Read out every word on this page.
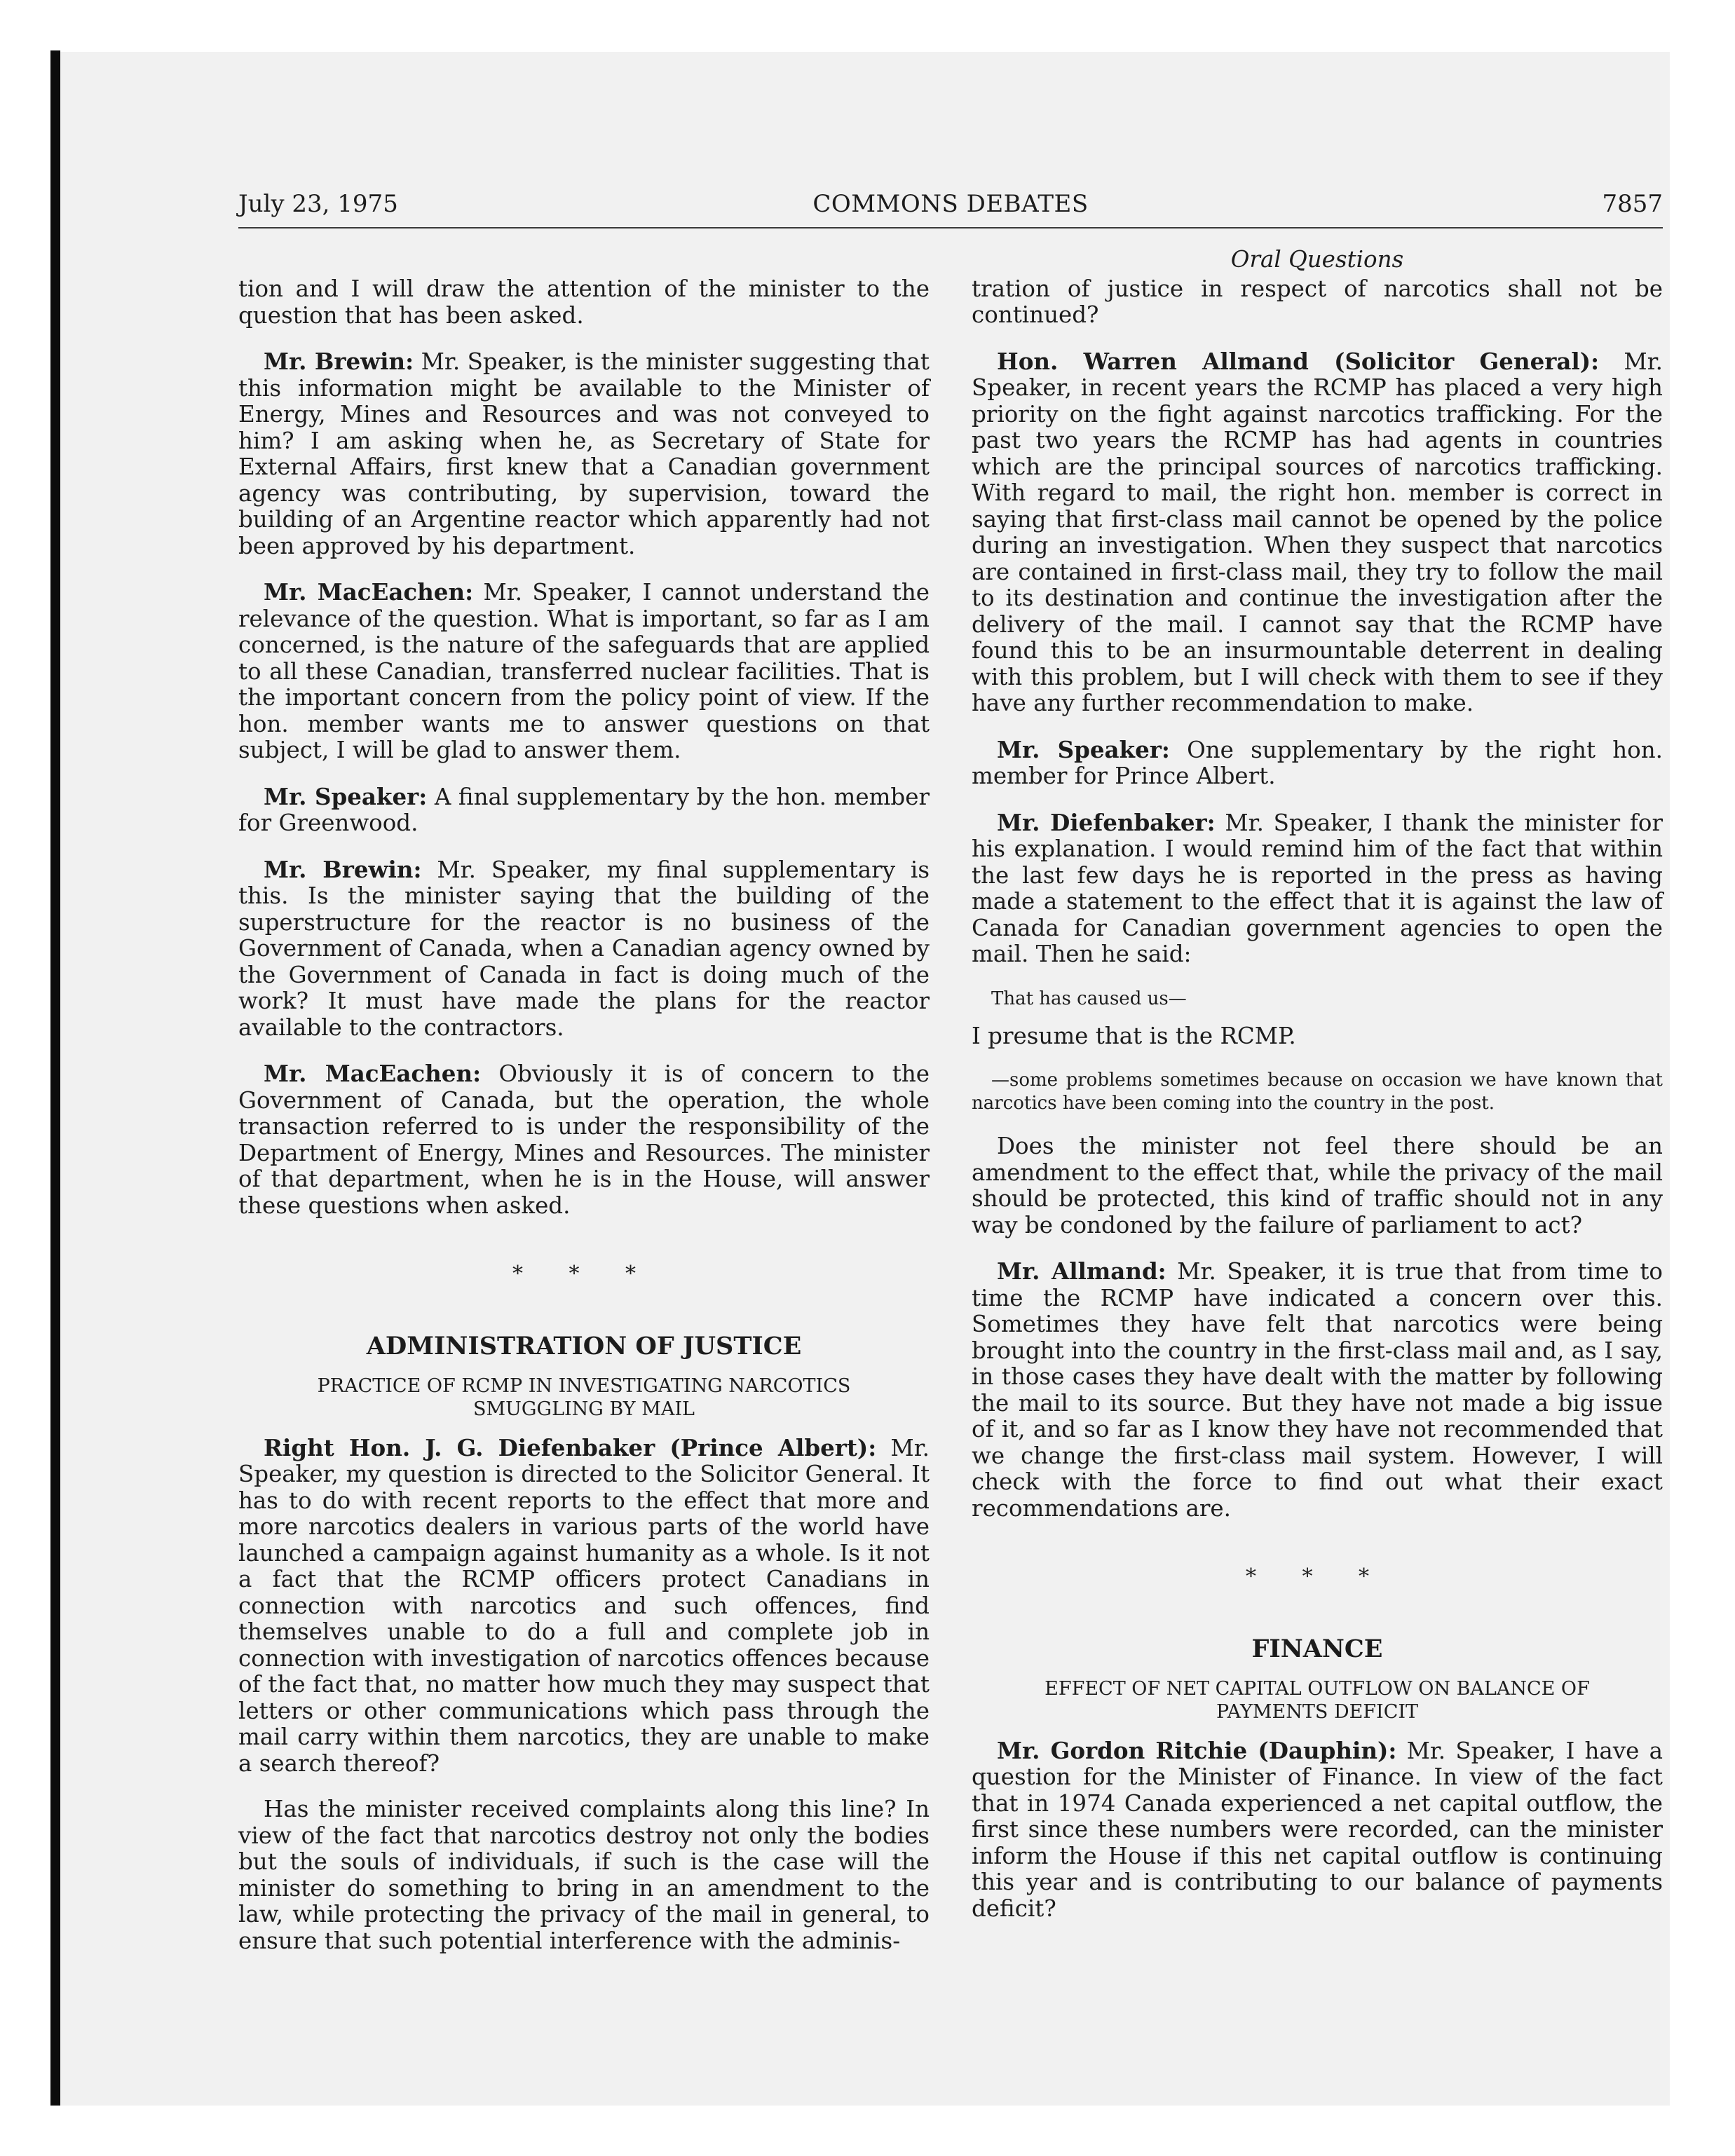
July 23, 1975	COMMONS DEBATES	7857

tion and I will draw the attention of the minister to the question that has been asked.

Mr. Brewin: Mr. Speaker, is the minister suggesting that this information might be available to the Minister of Energy, Mines and Resources and was not conveyed to him? I am asking when he, as Secretary of State for External Affairs, first knew that a Canadian government agency was contributing, by supervision, toward the building of an Argentine reactor which apparently had not been approved by his department.

Mr. MacEachen: Mr. Speaker, I cannot understand the relevance of the question. What is important, so far as I am concerned, is the nature of the safeguards that are applied to all these Canadian, transferred nuclear facilities. That is the important concern from the policy point of view. If the hon. member wants me to answer questions on that subject, I will be glad to answer them.

Mr. Speaker: A final supplementary by the hon. member for Greenwood.

Mr. Brewin: Mr. Speaker, my final supplementary is this. Is the minister saying that the building of the superstructure for the reactor is no business of the Government of Canada, when a Canadian agency owned by the Government of Canada in fact is doing much of the work? It must have made the plans for the reactor available to the contractors.

Mr. MacEachen: Obviously it is of concern to the Government of Canada, but the operation, the whole transaction referred to is under the responsibility of the Department of Energy, Mines and Resources. The minister of that department, when he is in the House, will answer these questions when asked.

* * *
ADMINISTRATION OF JUSTICE
PRACTICE OF RCMP IN INVESTIGATING NARCOTICS SMUGGLING BY MAIL

Right Hon. J. G. Diefenbaker (Prince Albert): Mr. Speaker, my question is directed to the Solicitor General. It has to do with recent reports to the effect that more and more narcotics dealers in various parts of the world have launched a campaign against humanity as a whole. Is it not a fact that the RCMP officers protect Canadians in connection with narcotics and such offences, find themselves unable to do a full and complete job in connection with investigation of narcotics offences because of the fact that, no matter how much they may suspect that letters or other communications which pass through the mail carry within them narcotics, they are unable to make a search thereof?

Has the minister received complaints along this line? In view of the fact that narcotics destroy not only the bodies but the souls of individuals, if such is the case will the minister do something to bring in an amendment to the law, while protecting the privacy of the mail in general, to ensure that such potential interference with the adminis-

Oral Questions

tration of justice in respect of narcotics shall not be continued?

Hon. Warren Allmand (Solicitor General): Mr. Speaker, in recent years the RCMP has placed a very high priority on the fight against narcotics trafficking. For the past two years the RCMP has had agents in countries which are the principal sources of narcotics trafficking. With regard to mail, the right hon. member is correct in saying that first-class mail cannot be opened by the police during an investigation. When they suspect that narcotics are contained in first-class mail, they try to follow the mail to its destination and continue the investigation after the delivery of the mail. I cannot say that the RCMP have found this to be an insurmountable deterrent in dealing with this problem, but I will check with them to see if they have any further recommendation to make.

Mr. Speaker: One supplementary by the right hon. member for Prince Albert.

Mr. Diefenbaker: Mr. Speaker, I thank the minister for his explanation. I would remind him of the fact that within the last few days he is reported in the press as having made a statement to the effect that it is against the law of Canada for Canadian government agencies to open the mail. Then he said:

That has caused us—

I presume that is the RCMP.

—some problems sometimes because on occasion we have known that narcotics have been coming into the country in the post.

Does the minister not feel there should be an amendment to the effect that, while the privacy of the mail should be protected, this kind of traffic should not in any way be condoned by the failure of parliament to act?

Mr. Allmand: Mr. Speaker, it is true that from time to time the RCMP have indicated a concern over this. Sometimes they have felt that narcotics were being brought into the country in the first-class mail and, as I say, in those cases they have dealt with the matter by following the mail to its source. But they have not made a big issue of it, and so far as I know they have not recommended that we change the first-class mail system. However, I will check with the force to find out what their exact recommendations are.

* * *
FINANCE
EFFECT OF NET CAPITAL OUTFLOW ON BALANCE OF PAYMENTS DEFICIT

Mr. Gordon Ritchie (Dauphin): Mr. Speaker, I have a question for the Minister of Finance. In view of the fact that in 1974 Canada experienced a net capital outflow, the first since these numbers were recorded, can the minister inform the House if this net capital outflow is continuing this year and is contributing to our balance of payments deficit?
